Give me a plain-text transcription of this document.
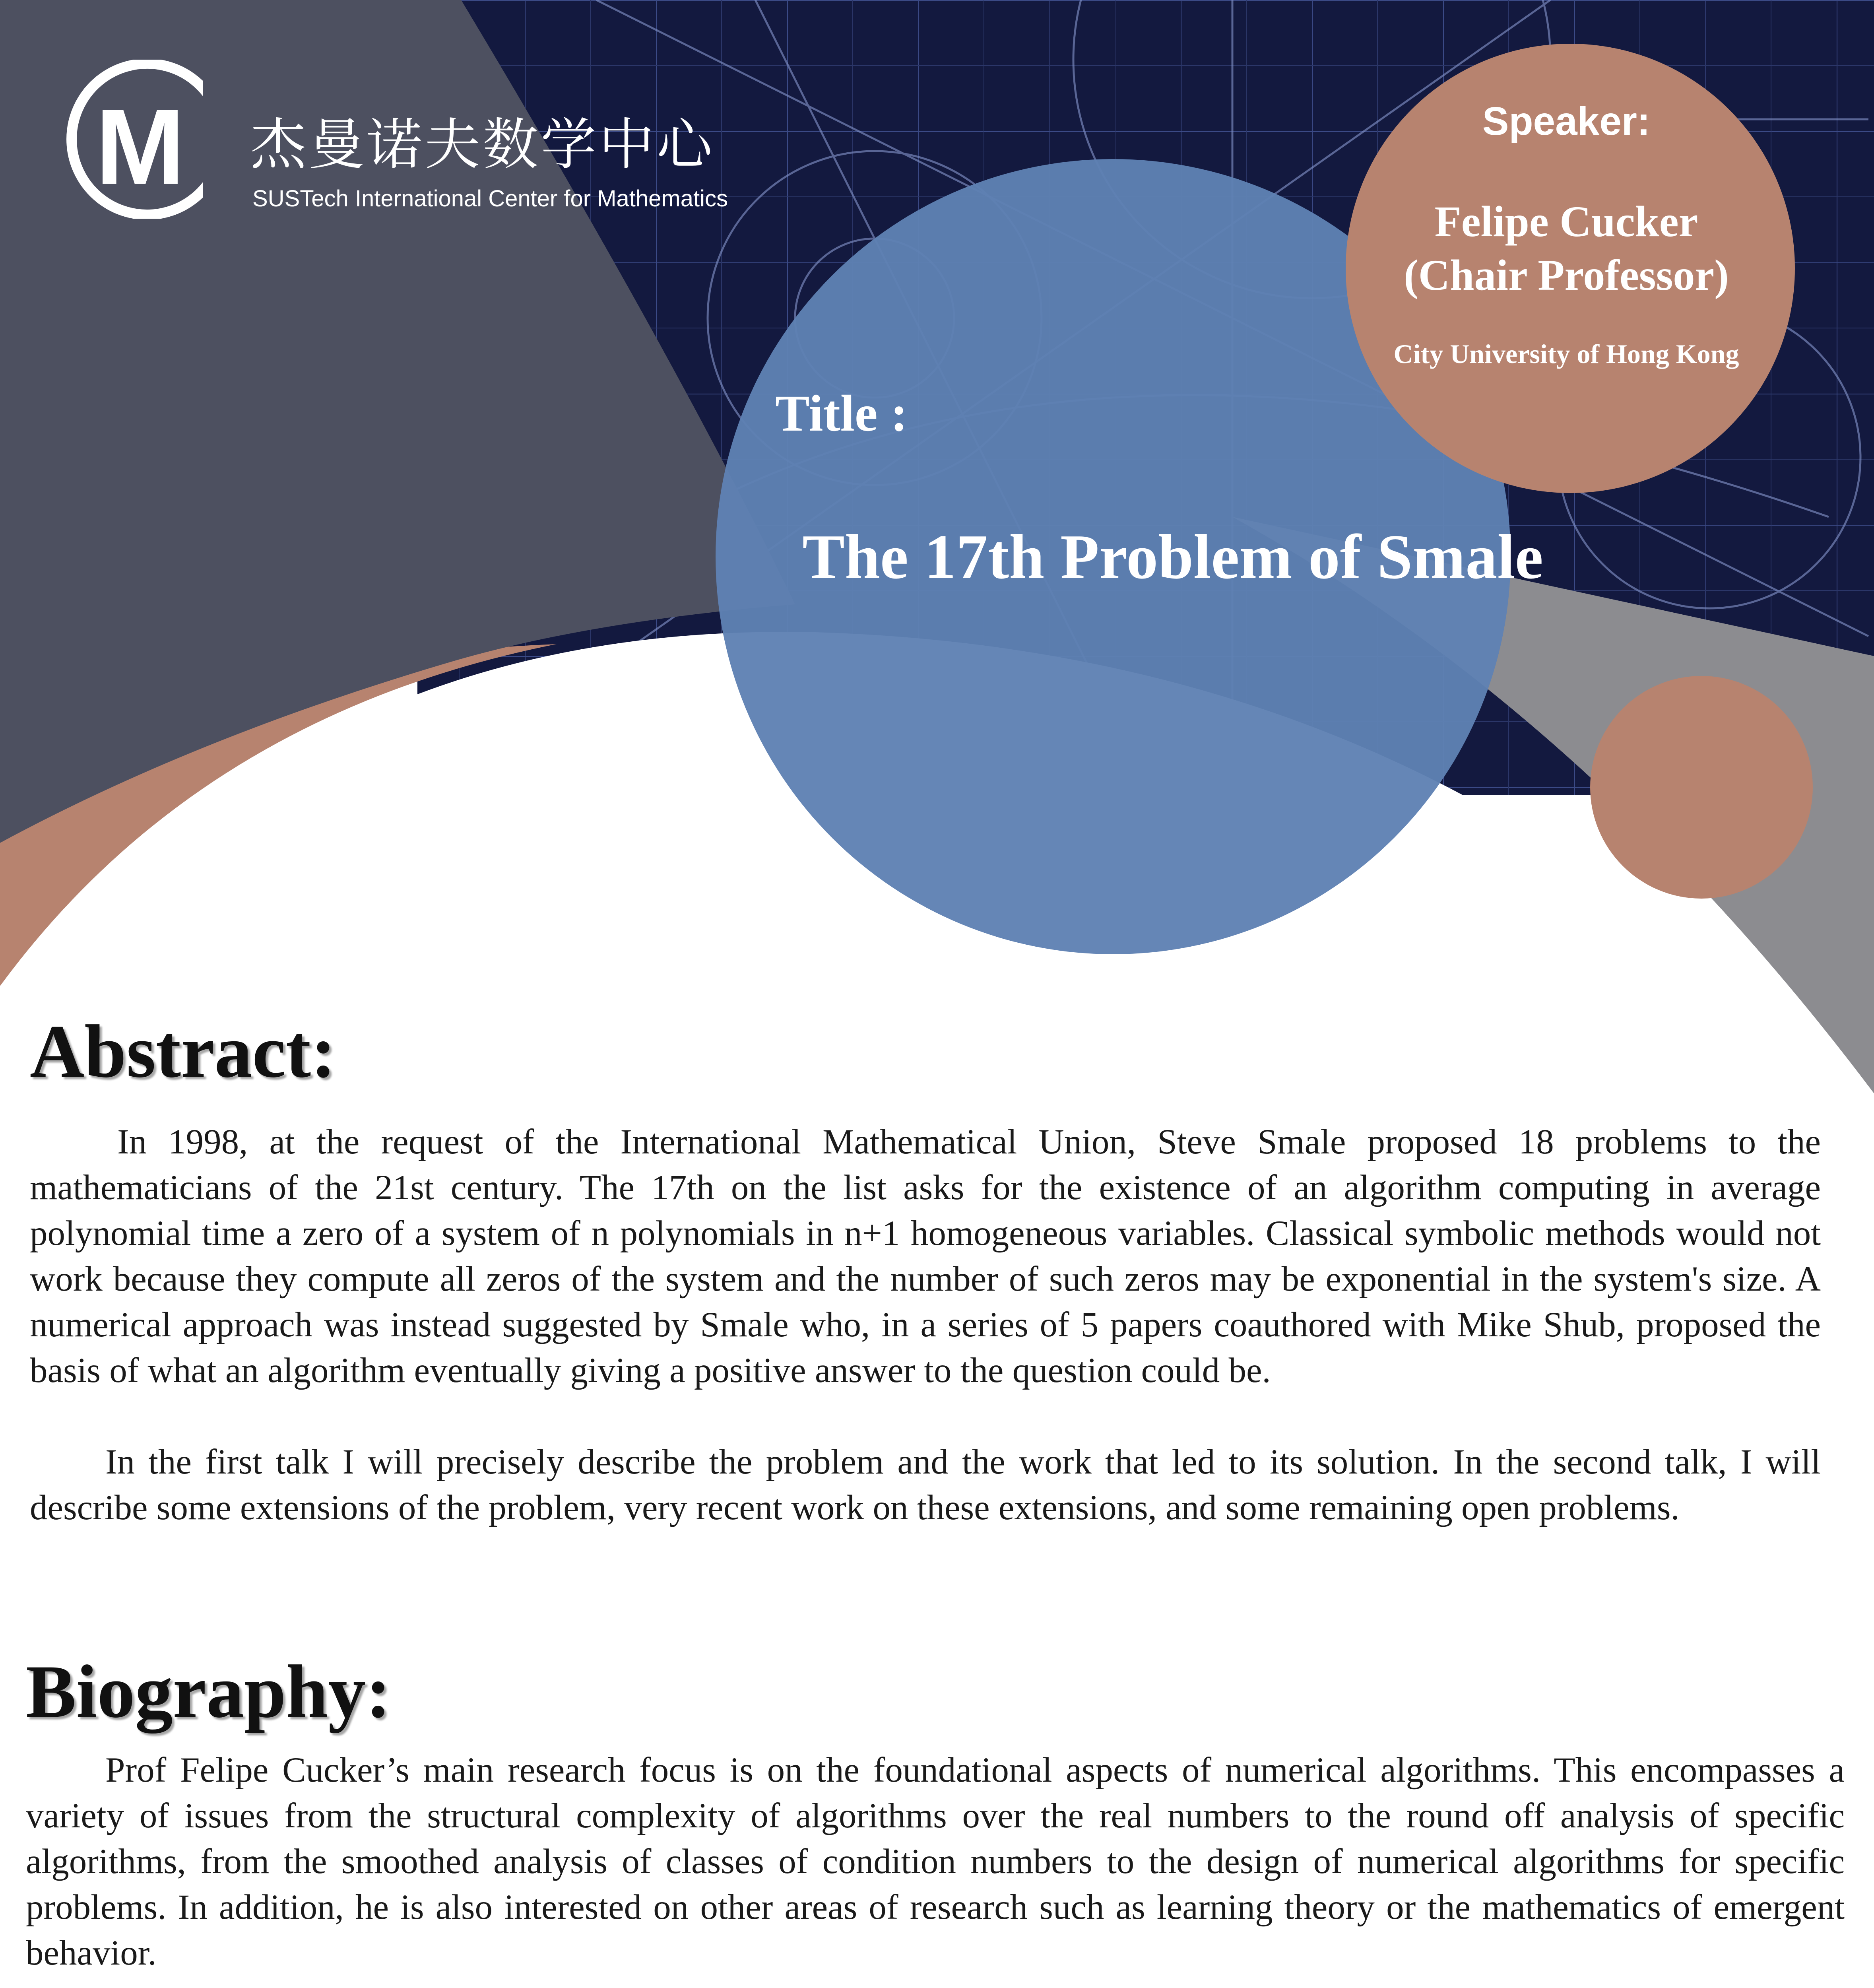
M	杰曼诺夫数学中心
SUSTech International Center for Mathematics
Speaker:
Felipe Cucker
(Chair Professor)
City University of Hong Kong
Title :
The 17th Problem of Smale
Abstract:

In 1998, at the request of the International Mathematical Union, Steve Smale proposed 18 problems to the mathematicians of the 21st century. The 17th on the list asks for the existence of an algorithm computing in average polynomial time a zero of a system of n polynomials in n+1 homogeneous variables. Classical symbolic methods would not work because they compute all zeros of the system and the number of such zeros may be exponential in the system's size. A numerical approach was instead suggested by Smale who, in a series of 5 papers coauthored with Mike Shub, proposed the basis of what an algorithm eventually giving a positive answer to the question could be.

In the first talk I will precisely describe the problem and the work that led to its solution. In the second talk, I will describe some extensions of the problem, very recent work on these extensions, and some remaining open problems.

Biography:

Prof Felipe Cucker’s main research focus is on the foundational aspects of numerical algorithms. This encompasses a variety of issues from the structural complexity of algorithms over the real numbers to the round off analysis of specific algorithms, from the smoothed analysis of classes of condition numbers to the design of numerical algorithms for specific problems. In addition, he is also interested on other areas of research such as learning theory or the mathematics of emergent behavior.
